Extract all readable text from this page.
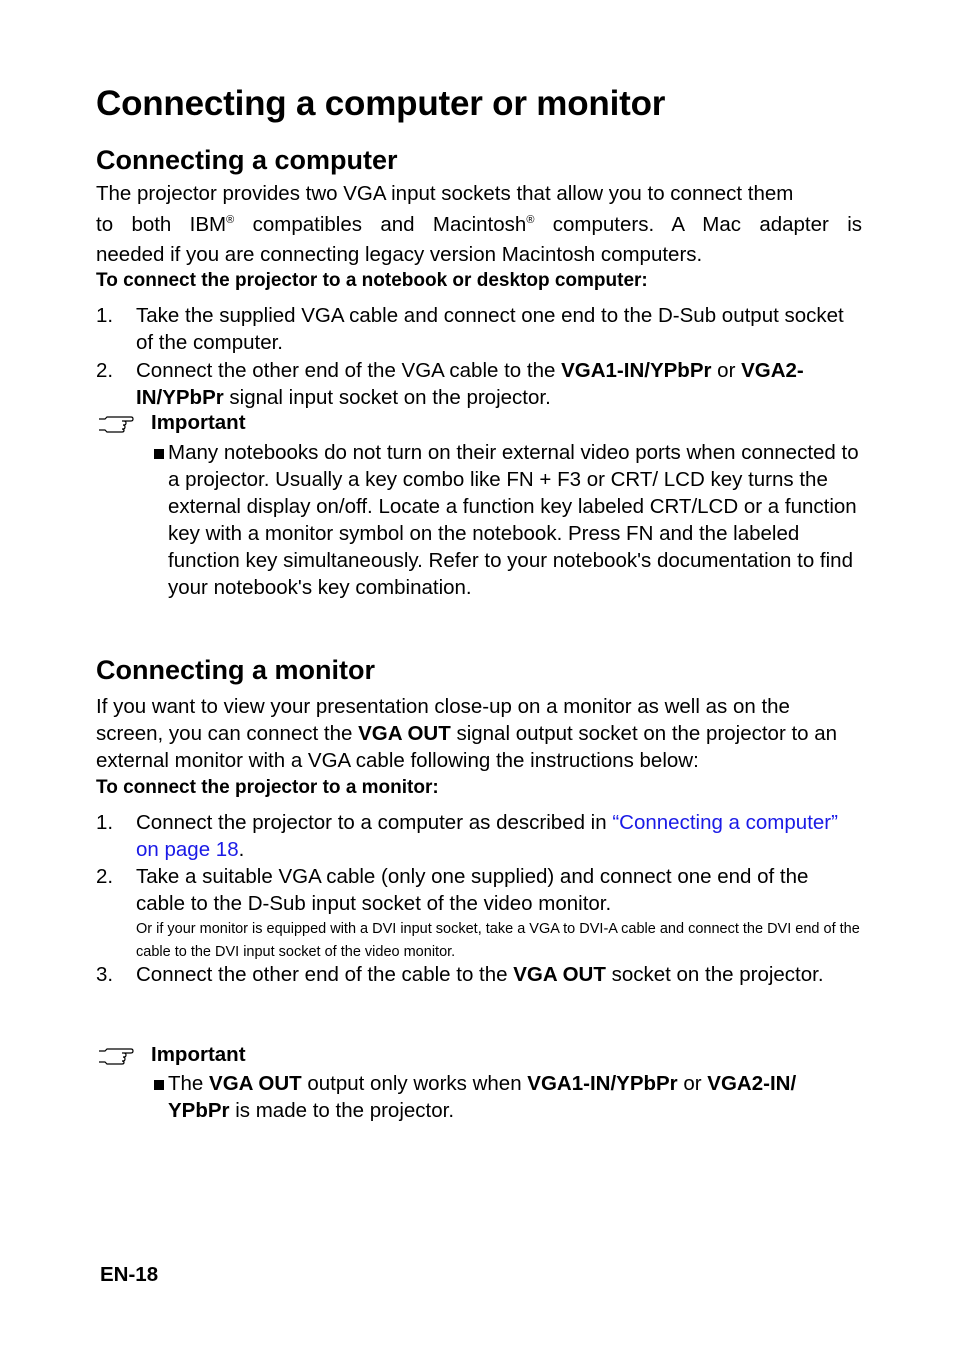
Connecting a computer or monitor
Connecting a computer
The projector provides two VGA input sockets that allow you to connect them
to both IBM® compatibles and Macintosh® computers. A Mac adapter is
needed if you are connecting legacy version Macintosh computers.
To connect the projector to a notebook or desktop computer:
1. Take the supplied VGA cable and connect one end to the D-Sub output socket of the computer.
2. Connect the other end of the VGA cable to the VGA1-IN/YPbPr or VGA2-IN/YPbPr signal input socket on the projector.
Important
Many notebooks do not turn on their external video ports when connected to a projector. Usually a key combo like FN + F3 or CRT/ LCD key turns the external display on/off. Locate a function key labeled CRT/LCD or a function key with a monitor symbol on the notebook. Press FN and the labeled function key simultaneously. Refer to your notebook's documentation to find your notebook's key combination.
Connecting a monitor
If you want to view your presentation close-up on a monitor as well as on the screen, you can connect the VGA OUT signal output socket on the projector to an external monitor with a VGA cable following the instructions below:
To connect the projector to a monitor:
1. Connect the projector to a computer as described in “Connecting a computer” on page 18.
2. Take a suitable VGA cable (only one supplied) and connect one end of the cable to the D-Sub input socket of the video monitor.
Or if your monitor is equipped with a DVI input socket, take a VGA to DVI-A cable and connect the DVI end of the cable to the DVI input socket of the video monitor.
3. Connect the other end of the cable to the VGA OUT socket on the projector.
Important
The VGA OUT output only works when VGA1-IN/YPbPr or VGA2-IN/ YPbPr is made to the projector.
EN-18
